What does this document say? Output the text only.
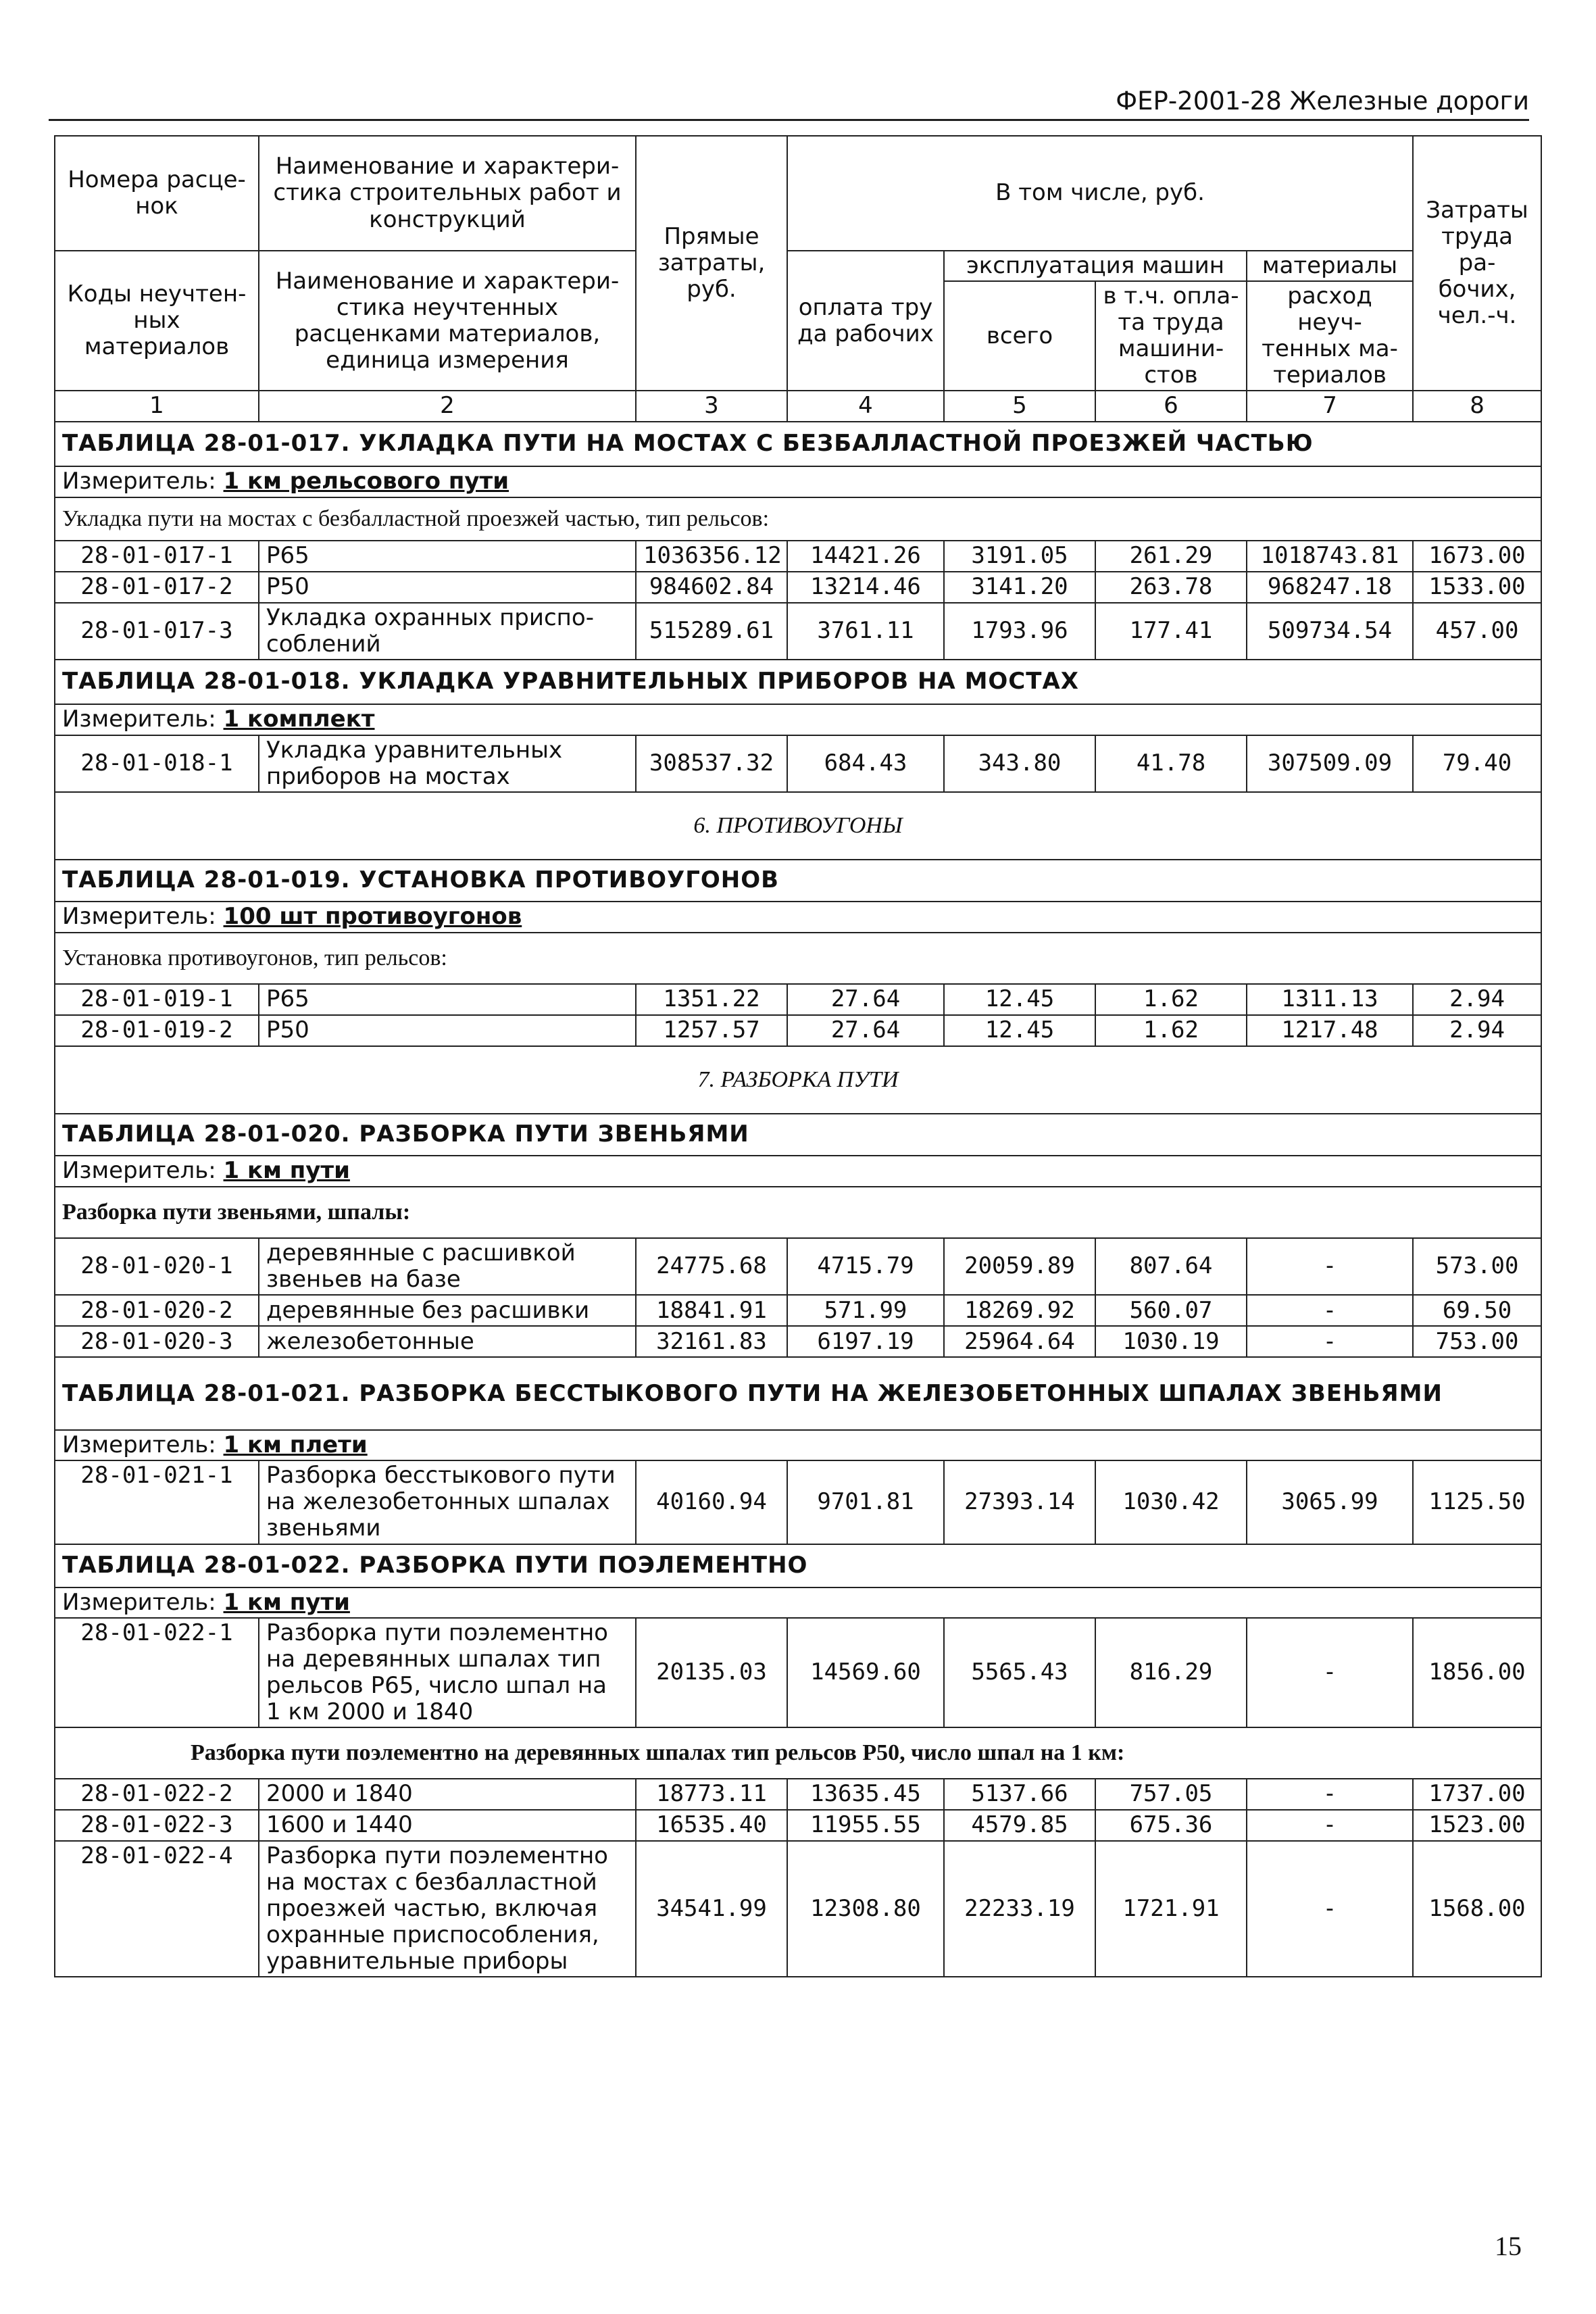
ФЕР-2001-28 Железные дороги
Номера расце-нок	Наименование и характери-стика строительных работ и конструкций	Прямые затраты, руб.	В том числе, руб.				Затраты труда ра-бочих, чел.-ч.
Коды неучтен-ных материалов	Наименование и характери-стика неучтенных расценками материалов, единица измерения		оплата тру да рабочих	эксплуатация машин		материалы	
				всего	в т.ч. опла-та труда машини-стов	расход неуч-тенных ма-териалов	
1	2	3	4	5	6	7	8
ТАБЛИЦА 28-01-017. УКЛАДКА ПУТИ НА МОСТАХ С БЕЗБАЛЛАСТНОЙ ПРОЕЗЖЕЙ ЧАСТЬЮ							
Измеритель: 1 км рельсового пути							
Укладка пути на мостах с безбалластной проезжей частью, тип рельсов:							
28-01-017-1	Р65	1036356.12	14421.26	3191.05	261.29	1018743.81	1673.00
28-01-017-2	Р50	984602.84	13214.46	3141.20	263.78	968247.18	1533.00
28-01-017-3	Укладка охранных приспо-соблений	515289.61	3761.11	1793.96	177.41	509734.54	457.00
ТАБЛИЦА 28-01-018. УКЛАДКА УРАВНИТЕЛЬНЫХ ПРИБОРОВ НА МОСТАХ							
Измеритель: 1 комплект							
28-01-018-1	Укладка уравнительных приборов на мостах	308537.32	684.43	343.80	41.78	307509.09	79.40
6. ПРОТИВОУГОНЫ							
ТАБЛИЦА 28-01-019. УСТАНОВКА ПРОТИВОУГОНОВ							
Измеритель: 100 шт противоугонов							
Установка противоугонов, тип рельсов:							
28-01-019-1	Р65	1351.22	27.64	12.45	1.62	1311.13	2.94
28-01-019-2	Р50	1257.57	27.64	12.45	1.62	1217.48	2.94
7. РАЗБОРКА ПУТИ							
ТАБЛИЦА 28-01-020. РАЗБОРКА ПУТИ ЗВЕНЬЯМИ							
Измеритель: 1 км пути							
Разборка пути звеньями, шпалы:							
28-01-020-1	деревянные с расшивкой звеньев на базе	24775.68	4715.79	20059.89	807.64	-	573.00
28-01-020-2	деревянные без расшивки	18841.91	571.99	18269.92	560.07	-	69.50
28-01-020-3	железобетонные	32161.83	6197.19	25964.64	1030.19	-	753.00
ТАБЛИЦА 28-01-021. РАЗБОРКА БЕССТЫКОВОГО ПУТИ НА ЖЕЛЕЗОБЕТОННЫХ ШПАЛАХ ЗВЕНЬЯМИ							
Измеритель: 1 км плети							
28-01-021-1	Разборка бесстыкового пути на железобетонных шпалах звеньями	40160.94	9701.81	27393.14	1030.42	3065.99	1125.50
ТАБЛИЦА 28-01-022. РАЗБОРКА ПУТИ ПОЭЛЕМЕНТНО							
Измеритель: 1 км пути							
28-01-022-1	Разборка пути поэлементно на деревянных шпалах тип рельсов Р65, число шпал на 1 км 2000 и 1840	20135.03	14569.60	5565.43	816.29	-	1856.00
Разборка пути поэлементно на деревянных шпалах тип рельсов Р50, число шпал на 1 км:							
28-01-022-2	2000 и 1840	18773.11	13635.45	5137.66	757.05	-	1737.00
28-01-022-3	1600 и 1440	16535.40	11955.55	4579.85	675.36	-	1523.00
28-01-022-4	Разборка пути поэлементно на мостах с безбалластной проезжей частью, включая охранные приспособления, уравнительные приборы	34541.99	12308.80	22233.19	1721.91	-	1568.00
15
